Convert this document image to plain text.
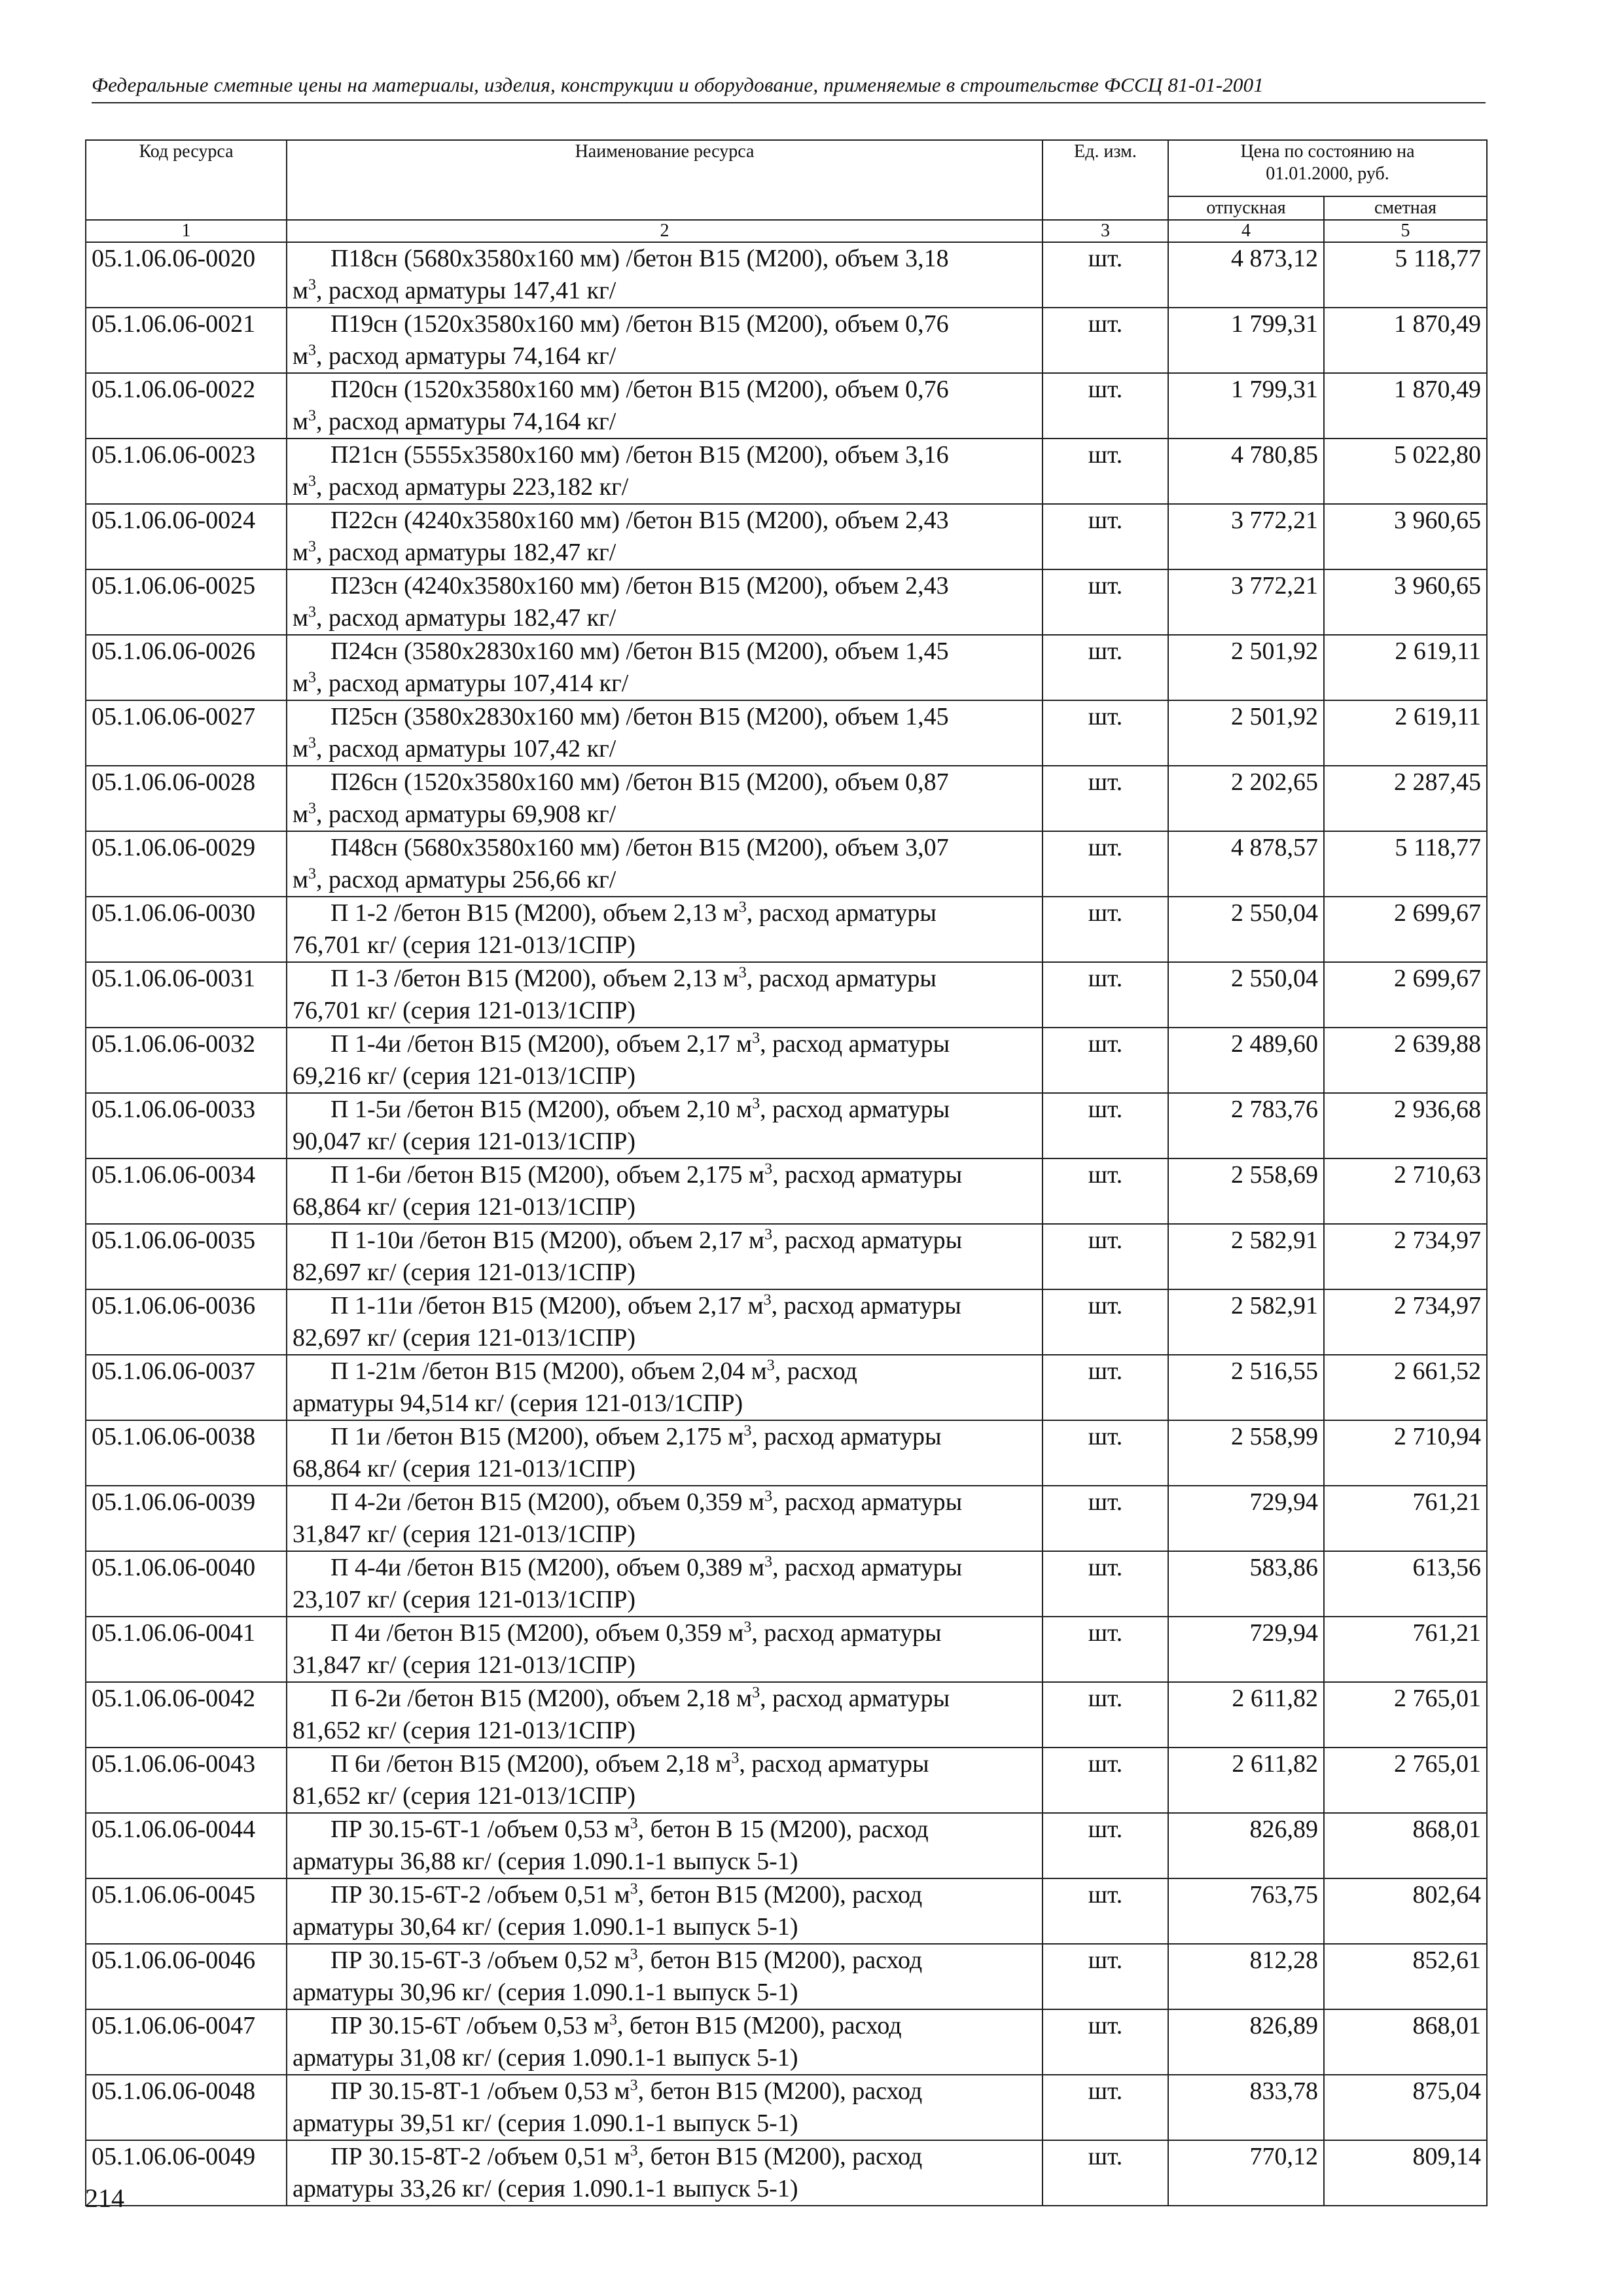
Федеральные сметные цены на материалы, изделия, конструкции и оборудование, применяемые в строительстве ФССЦ 81-01-2001
Код ресурса	Наименование ресурса	Ед. изм.	Цена по состоянию на
01.01.2000, руб.	
			отпускная	сметная
1	2	3	4	5
05.1.06.06-0020	П18сн (5680х3580х160 мм) /бетон В15 (М200), объем 3,18
$м^3$, расход арматуры 147,41 кг/	шт.	4 873,12	5 118,77
05.1.06.06-0021	П19сн (1520х3580х160 мм) /бетон В15 (М200), объем 0,76
$м^3$, расход арматуры 74,164 кг/	шт.	1 799,31	1 870,49
05.1.06.06-0022	П20сн (1520х3580х160 мм) /бетон В15 (М200), объем 0,76
$м^3$, расход арматуры 74,164 кг/	шт.	1 799,31	1 870,49
05.1.06.06-0023	П21сн (5555х3580х160 мм) /бетон В15 (М200), объем 3,16
$м^3$, расход арматуры 223,182 кг/	шт.	4 780,85	5 022,80
05.1.06.06-0024	П22сн (4240х3580х160 мм) /бетон В15 (М200), объем 2,43
$м^3$, расход арматуры 182,47 кг/	шт.	3 772,21	3 960,65
05.1.06.06-0025	П23сн (4240х3580х160 мм) /бетон В15 (М200), объем 2,43
$м^3$, расход арматуры 182,47 кг/	шт.	3 772,21	3 960,65
05.1.06.06-0026	П24сн (3580х2830х160 мм) /бетон В15 (М200), объем 1,45
$м^3$, расход арматуры 107,414 кг/	шт.	2 501,92	2 619,11
05.1.06.06-0027	П25сн (3580х2830х160 мм) /бетон В15 (М200), объем 1,45
$м^3$, расход арматуры 107,42 кг/	шт.	2 501,92	2 619,11
05.1.06.06-0028	П26сн (1520х3580х160 мм) /бетон В15 (М200), объем 0,87
$м^3$, расход арматуры 69,908 кг/	шт.	2 202,65	2 287,45
05.1.06.06-0029	П48сн (5680х3580х160 мм) /бетон В15 (М200), объем 3,07
$м^3$, расход арматуры 256,66 кг/	шт.	4 878,57	5 118,77
05.1.06.06-0030	П 1-2 /бетон В15 (М200), объем 2,13 $м^3$, расход арматуры
76,701 кг/ (серия 121-013/1СПР)	шт.	2 550,04	2 699,67
05.1.06.06-0031	П 1-3 /бетон В15 (М200), объем 2,13 $м^3$, расход арматуры
76,701 кг/ (серия 121-013/1СПР)	шт.	2 550,04	2 699,67
05.1.06.06-0032	П 1-4и /бетон В15 (М200), объем 2,17 $м^3$, расход арматуры
69,216 кг/ (серия 121-013/1СПР)	шт.	2 489,60	2 639,88
05.1.06.06-0033	П 1-5и /бетон В15 (М200), объем 2,10 $м^3$, расход арматуры
90,047 кг/ (серия 121-013/1СПР)	шт.	2 783,76	2 936,68
05.1.06.06-0034	П 1-6и /бетон В15 (М200), объем 2,175 $м^3$, расход арматуры
68,864 кг/ (серия 121-013/1СПР)	шт.	2 558,69	2 710,63
05.1.06.06-0035	П 1-10и /бетон В15 (М200), объем 2,17 $м^3$, расход арматуры
82,697 кг/ (серия 121-013/1СПР)	шт.	2 582,91	2 734,97
05.1.06.06-0036	П 1-11и /бетон В15 (М200), объем 2,17 $м^3$, расход арматуры
82,697 кг/ (серия 121-013/1СПР)	шт.	2 582,91	2 734,97
05.1.06.06-0037	П 1-21м /бетон В15 (М200), объем 2,04 $м^3$, расход
арматуры 94,514 кг/ (серия 121-013/1СПР)	шт.	2 516,55	2 661,52
05.1.06.06-0038	П 1и /бетон В15 (М200), объем 2,175 $м^3$, расход арматуры
68,864 кг/ (серия 121-013/1СПР)	шт.	2 558,99	2 710,94
05.1.06.06-0039	П 4-2и /бетон В15 (М200), объем 0,359 $м^3$, расход арматуры
31,847 кг/ (серия 121-013/1СПР)	шт.	729,94	761,21
05.1.06.06-0040	П 4-4и /бетон В15 (М200), объем 0,389 $м^3$, расход арматуры
23,107 кг/ (серия 121-013/1СПР)	шт.	583,86	613,56
05.1.06.06-0041	П 4и /бетон В15 (М200), объем 0,359 $м^3$, расход арматуры
31,847 кг/ (серия 121-013/1СПР)	шт.	729,94	761,21
05.1.06.06-0042	П 6-2и /бетон В15 (М200), объем 2,18 $м^3$, расход арматуры
81,652 кг/ (серия 121-013/1СПР)	шт.	2 611,82	2 765,01
05.1.06.06-0043	П 6и /бетон В15 (М200), объем 2,18 $м^3$, расход арматуры
81,652 кг/ (серия 121-013/1СПР)	шт.	2 611,82	2 765,01
05.1.06.06-0044	ПР 30.15-6Т-1 /объем 0,53 $м^3$, бетон В 15 (М200), расход
арматуры 36,88 кг/ (серия 1.090.1-1 выпуск 5-1)	шт.	826,89	868,01
05.1.06.06-0045	ПР 30.15-6Т-2 /объем 0,51 $м^3$, бетон В15 (М200), расход
арматуры 30,64 кг/ (серия 1.090.1-1 выпуск 5-1)	шт.	763,75	802,64
05.1.06.06-0046	ПР 30.15-6Т-3 /объем 0,52 $м^3$, бетон В15 (М200), расход
арматуры 30,96 кг/ (серия 1.090.1-1 выпуск 5-1)	шт.	812,28	852,61
05.1.06.06-0047	ПР 30.15-6Т /объем 0,53 $м^3$, бетон В15 (М200), расход
арматуры 31,08 кг/ (серия 1.090.1-1 выпуск 5-1)	шт.	826,89	868,01
05.1.06.06-0048	ПР 30.15-8Т-1 /объем 0,53 $м^3$, бетон В15 (М200), расход
арматуры 39,51 кг/ (серия 1.090.1-1 выпуск 5-1)	шт.	833,78	875,04
05.1.06.06-0049	ПР 30.15-8Т-2 /объем 0,51 $м^3$, бетон В15 (М200), расход
арматуры 33,26 кг/ (серия 1.090.1-1 выпуск 5-1)	шт.	770,12	809,14
214
